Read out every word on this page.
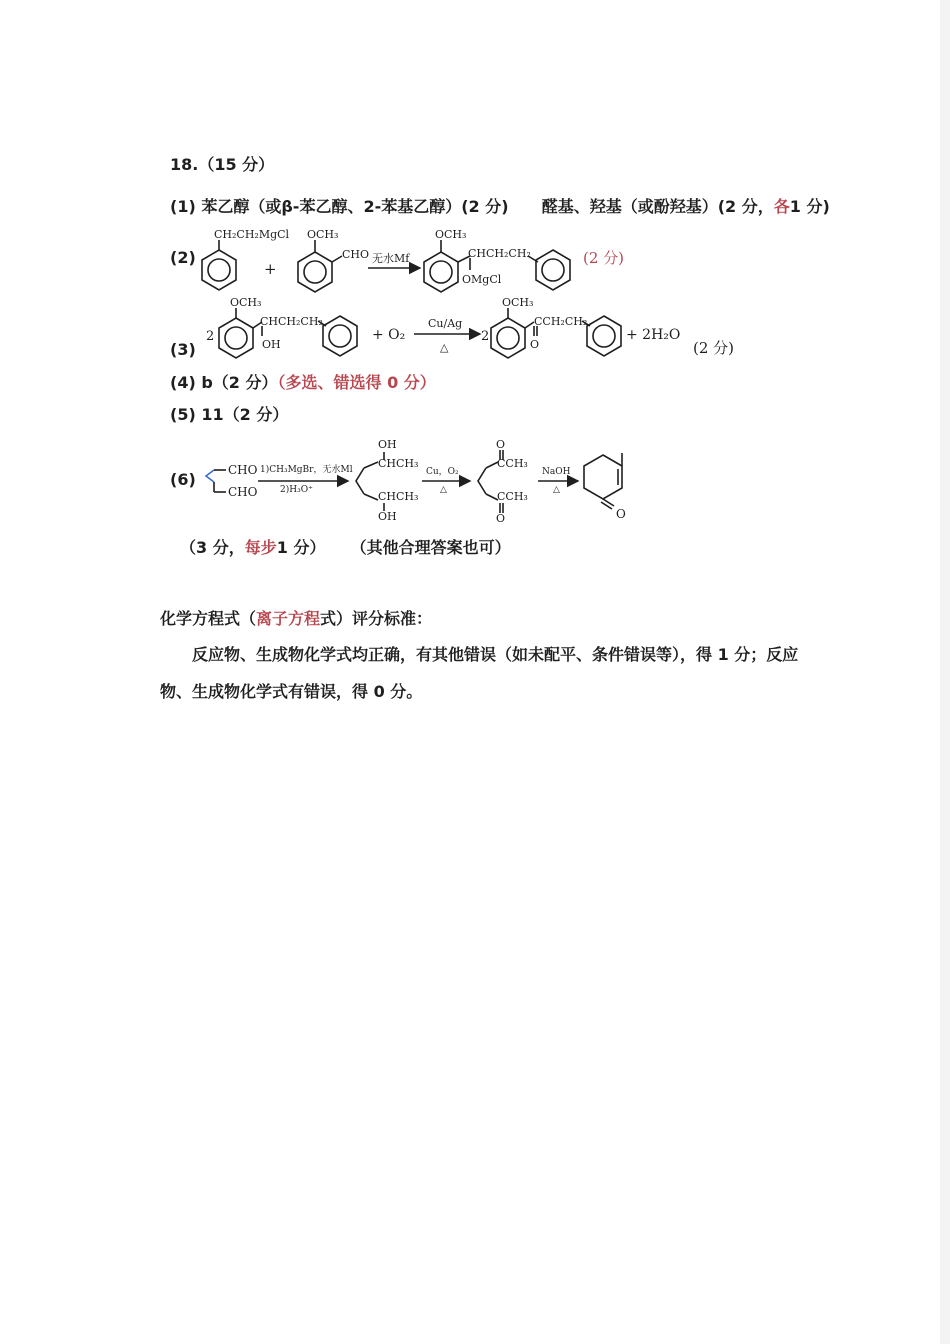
18.（15 分）
(1) 苯乙醇（或β-苯乙醇、2-苯基乙醇）(2 分) 醛基、羟基（或酚羟基）(2 分，各1 分)
CH₂CH₂MgCl OCH₃
CHO
+
无水Mf
OCH₃
CHCH₂CH₂
OMgCl
(2 分)
2
OCH₃
CHCH₂CH₂
OH
+ O₂
Cu/Ag
△
2
OCH₃
CCH₂CH₂
O
+ 2H₂O
(2 分)
CHO
CHO
1)CH₃MgBr，无水Ml
2)H₃O⁺
OH
CHCH₃
CHCH₃
OH
Cu，O₂
△
O
CCH₃
CCH₃
O
NaOH
△
O
(2)
(3)
(4) b（2 分）（多选、错选得 0 分）
(5) 11（2 分）
(6)
（3 分，每步1 分） （其他合理答案也可）
化学方程式（离子方程式）评分标准：
反应物、生成物化学式均正确，有其他错误（如未配平、条件错误等），得 1 分；反应
物、生成物化学式有错误，得 0 分。
